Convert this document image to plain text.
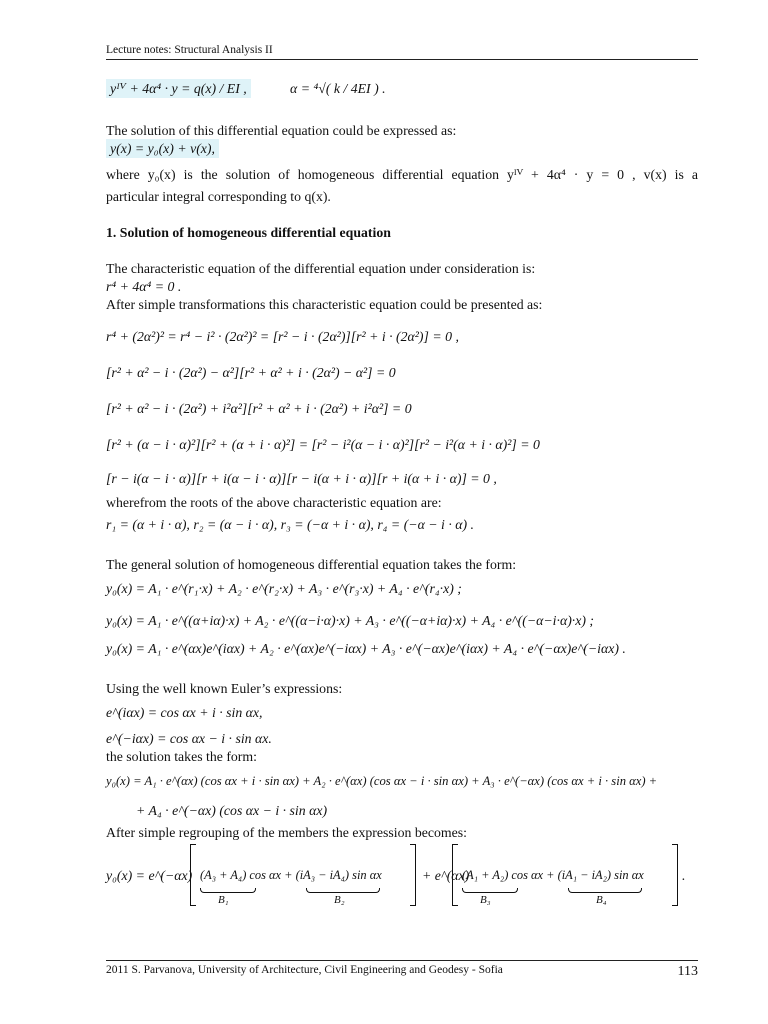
Lecture notes: Structural Analysis II
yᴵⱽ + 4α⁴ · y = q(x) / EI ,	α = ⁴√( k / 4EI ) .
The solution of this differential equation could be expressed as:
y(x) = y₀(x) + v(x),
where y₀(x) is the solution of homogeneous differential equation yᴵⱽ + 4α⁴ · y = 0 , v(x) is a
particular integral corresponding to q(x).
1. Solution of homogeneous differential equation
The characteristic equation of the differential equation under consideration is:
r⁴ + 4α⁴ = 0 .
After simple transformations this characteristic equation could be presented as:
r⁴ + (2α²)² = r⁴ − i² · (2α²)² = [r² − i · (2α²)][r² + i · (2α²)] = 0 ,
[r² + α² − i · (2α²) − α²][r² + α² + i · (2α²) − α²] = 0
[r² + α² − i · (2α²) + i²α²][r² + α² + i · (2α²) + i²α²] = 0
[r² + (α − i · α)²][r² + (α + i · α)²] = [r² − i²(α − i · α)²][r² − i²(α + i · α)²] = 0
[r − i(α − i · α)][r + i(α − i · α)][r − i(α + i · α)][r + i(α + i · α)] = 0 ,
wherefrom the roots of the above characteristic equation are:
r₁ = (α + i · α), r₂ = (α − i · α), r₃ = (−α + i · α), r₄ = (−α − i · α) .
The general solution of homogeneous differential equation takes the form:
y₀(x) = A₁ · e^(r₁·x) + A₂ · e^(r₂·x) + A₃ · e^(r₃·x) + A₄ · e^(r₄·x) ;
y₀(x) = A₁ · e^((α+iα)·x) + A₂ · e^((α−i·α)·x) + A₃ · e^((−α+iα)·x) + A₄ · e^((−α−i·α)·x) ;
y₀(x) = A₁ · e^(αx)e^(iαx) + A₂ · e^(αx)e^(−iαx) + A₃ · e^(−αx)e^(iαx) + A₄ · e^(−αx)e^(−iαx) .
Using the well known Euler’s expressions:
e^(iαx) = cos αx + i · sin αx,
e^(−iαx) = cos αx − i · sin αx.
the solution takes the form:
y₀(x) = A₁ · e^(αx) (cos αx + i · sin αx) + A₂ · e^(αx) (cos αx − i · sin αx) + A₃ · e^(−αx) (cos αx + i · sin αx) +
+ A₄ · e^(−αx) (cos αx − i · sin αx)
After simple regrouping of the members the expression becomes:
y₀(x) = e^(−αx) (A₃ + A₄) cos αx + (iA₃ − iA₄) sin αx
B₁	B₂
+ e^(αx)
(A₁ + A₂) cos αx + (iA₁ − iA₂) sin αx
B₃	B₄
.
2011 S. Parvanova, University of Architecture, Civil Engineering and Geodesy - Sofia	113
